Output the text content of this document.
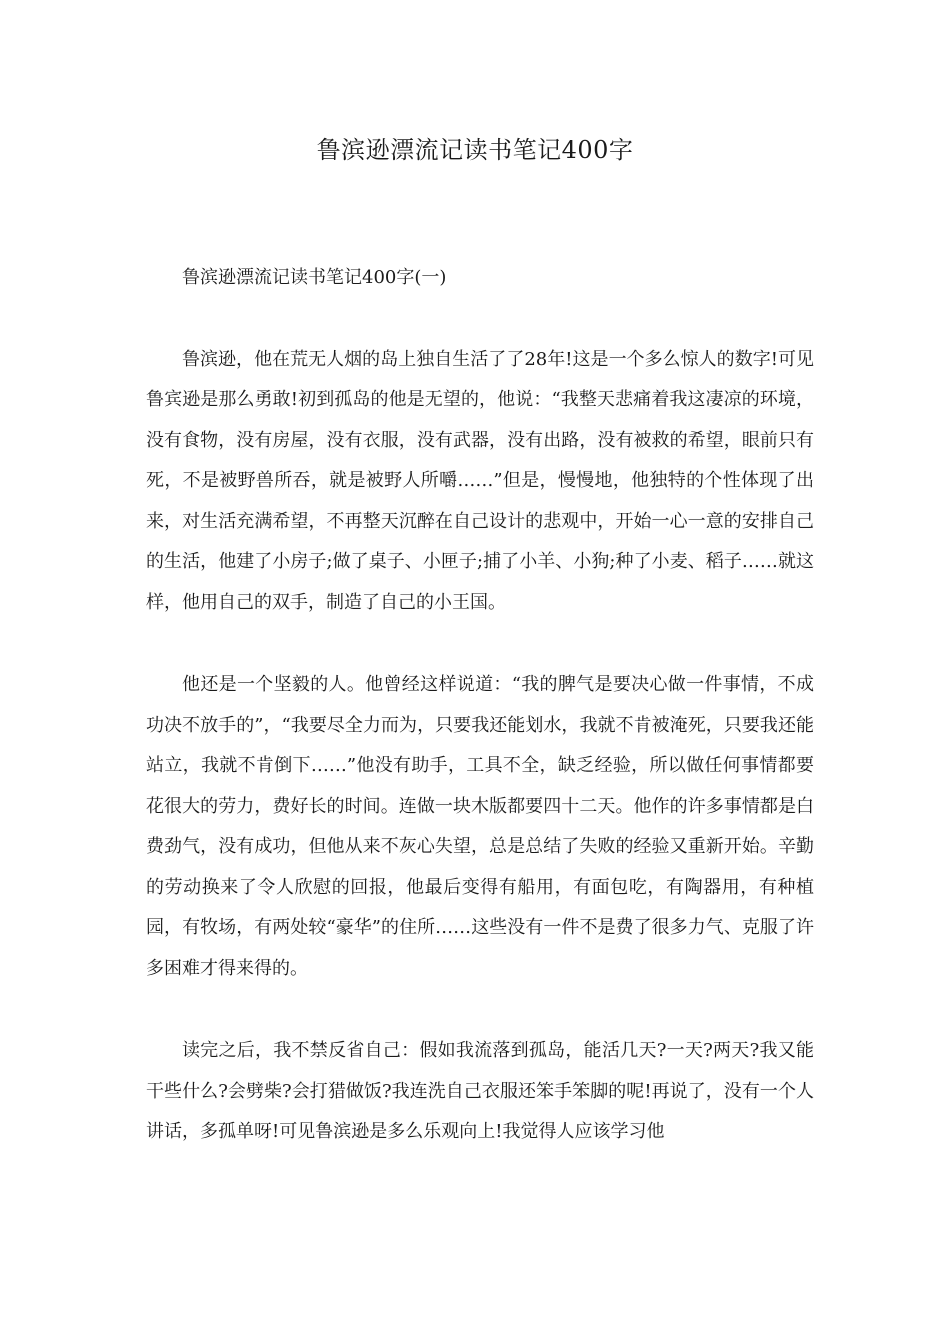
鲁滨逊漂流记读书笔记400字

鲁滨逊漂流记读书笔记400字(一)

鲁滨逊，他在荒无人烟的岛上独自生活了了28年!这是一个多么惊人的数字!可见鲁宾逊是那么勇敢!初到孤岛的他是无望的，他说：“我整天悲痛着我这凄凉的环境，没有食物，没有房屋，没有衣服，没有武器，没有出路，没有被救的希望，眼前只有死，不是被野兽所吞，就是被野人所嚼……”但是，慢慢地，他独特的个性体现了出来，对生活充满希望，不再整天沉醉在自己设计的悲观中，开始一心一意的安排自己的生活，他建了小房子;做了桌子、小匣子;捕了小羊、小狗;种了小麦、稻子……就这样，他用自己的双手，制造了自己的小王国。

他还是一个坚毅的人。他曾经这样说道：“我的脾气是要决心做一件事情，不成功决不放手的”，“我要尽全力而为，只要我还能划水，我就不肯被淹死，只要我还能站立，我就不肯倒下……”他没有助手，工具不全，缺乏经验，所以做任何事情都要花很大的劳力，费好长的时间。连做一块木版都要四十二天。他作的许多事情都是白费劲气，没有成功，但他从来不灰心失望，总是总结了失败的经验又重新开始。辛勤的劳动换来了令人欣慰的回报，他最后变得有船用，有面包吃，有陶器用，有种植园，有牧场，有两处较“豪华”的住所……这些没有一件不是费了很多力气、克服了许多困难才得来得的。

读完之后，我不禁反省自己：假如我流落到孤岛，能活几天?一天?两天?我又能干些什么?会劈柴?会打猎做饭?我连洗自己衣服还笨手笨脚的呢!再说了，没有一个人讲话，多孤单呀!可见鲁滨逊是多么乐观向上!我觉得人应该学习他
